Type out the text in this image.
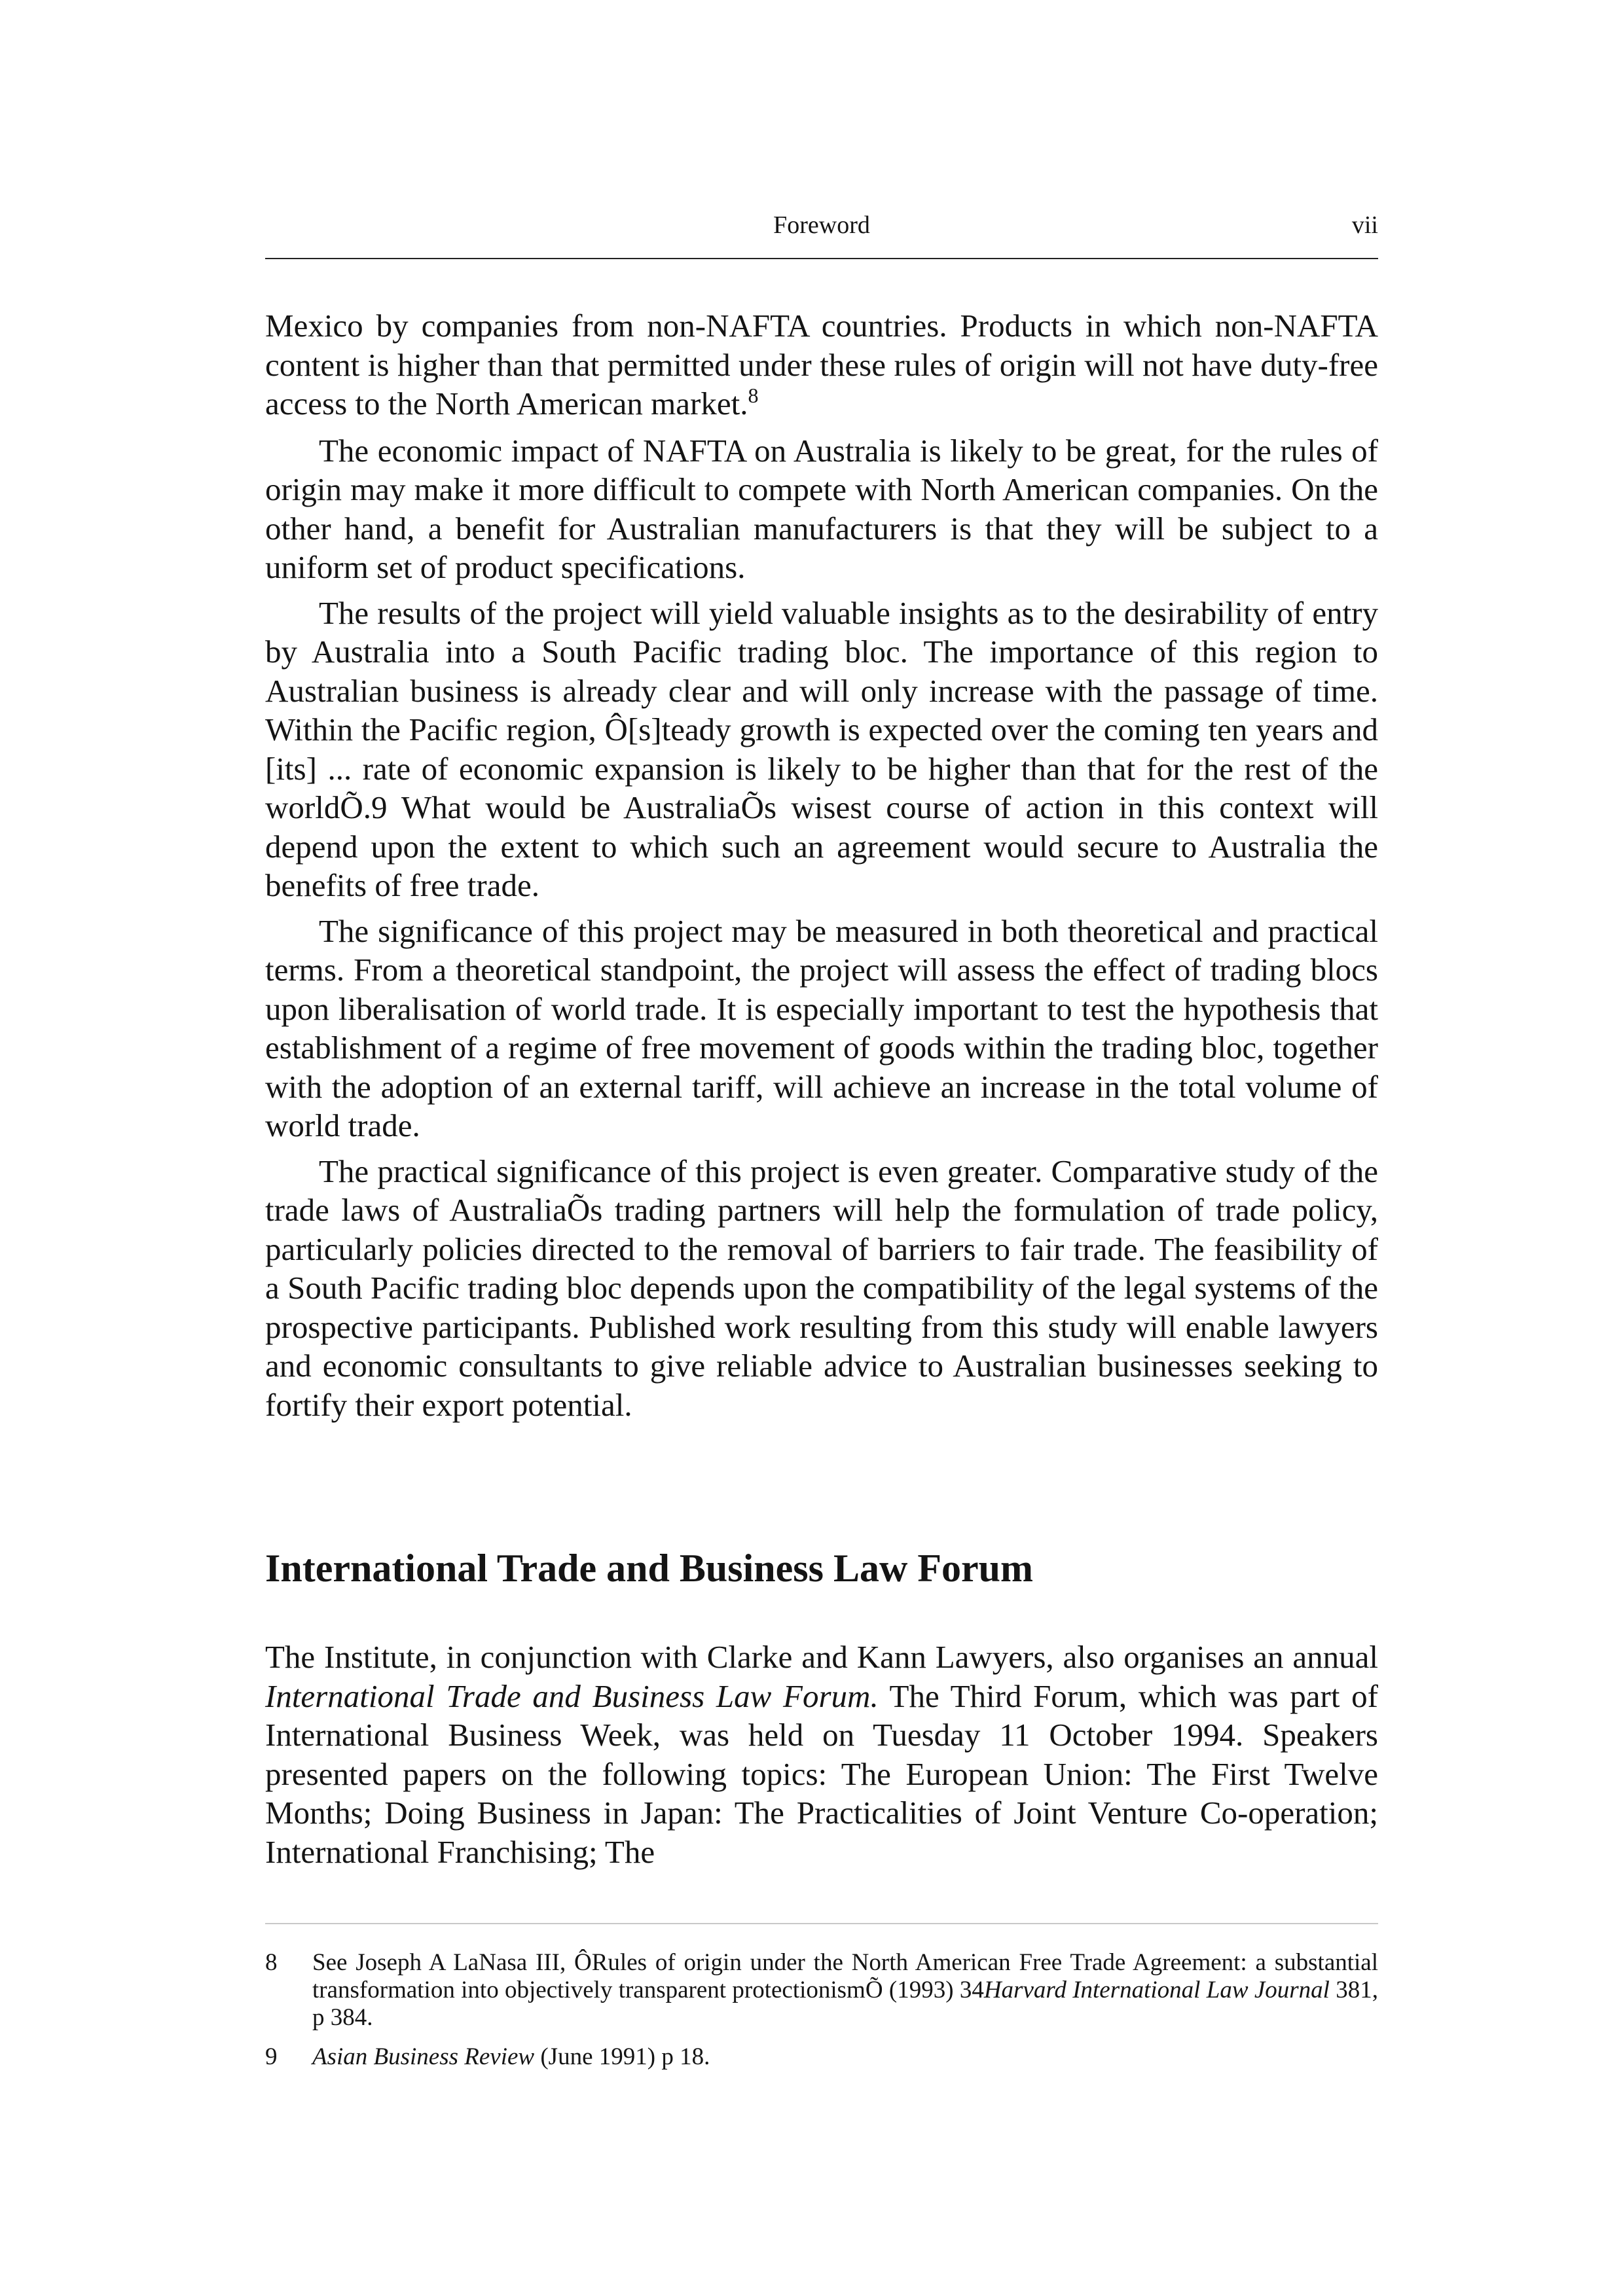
Foreword	vii

Mexico by companies from non-NAFTA countries. Products in which non-NAFTA content is higher than that permitted under these rules of origin will not have duty-free access to the North American market.$^8$

The economic impact of NAFTA on Australia is likely to be great, for the rules of origin may make it more difficult to compete with North American companies. On the other hand, a benefit for Australian manufacturers is that they will be subject to a uniform set of product specifications.

The results of the project will yield valuable insights as to the desirability of entry by Australia into a South Pacific trading bloc. The importance of this region to Australian business is already clear and will only increase with the passage of time. Within the Pacific region, Ô[s]teady growth is expected over the coming ten years and [its] ... rate of economic expansion is likely to be higher than that for the rest of the worldÕ.9 What would be AustraliaÕs wisest course of action in this context will depend upon the extent to which such an agreement would secure to Australia the benefits of free trade.

The significance of this project may be measured in both theoretical and practical terms. From a theoretical standpoint, the project will assess the effect of trading blocs upon liberalisation of world trade. It is especially important to test the hypothesis that establishment of a regime of free movement of goods within the trading bloc, together with the adoption of an external tariff, will achieve an increase in the total volume of world trade.

The practical significance of this project is even greater. Comparative study of the trade laws of AustraliaÕs trading partners will help the formulation of trade policy, particularly policies directed to the removal of barriers to fair trade. The feasibility of a South Pacific trading bloc depends upon the compatibility of the legal systems of the prospective participants. Published work resulting from this study will enable lawyers and economic consultants to give reliable advice to Australian businesses seeking to fortify their export potential.

International Trade and Business Law Forum

The Institute, in conjunction with Clarke and Kann Lawyers, also organises an annual International Trade and Business Law Forum. The Third Forum, which was part of International Business Week, was held on Tuesday 11 October 1994. Speakers presented papers on the following topics: The European Union: The First Twelve Months; Doing Business in Japan: The Practicalities of Joint Venture Co-operation; International Franchising; The

8 See Joseph A LaNasa III, ÔRules of origin under the North American Free Trade Agreement: a substantial transformation into objectively transparent protectionismÕ (1993) 34Harvard International Law Journal 381, p 384.
9 Asian Business Review (June 1991) p 18.
